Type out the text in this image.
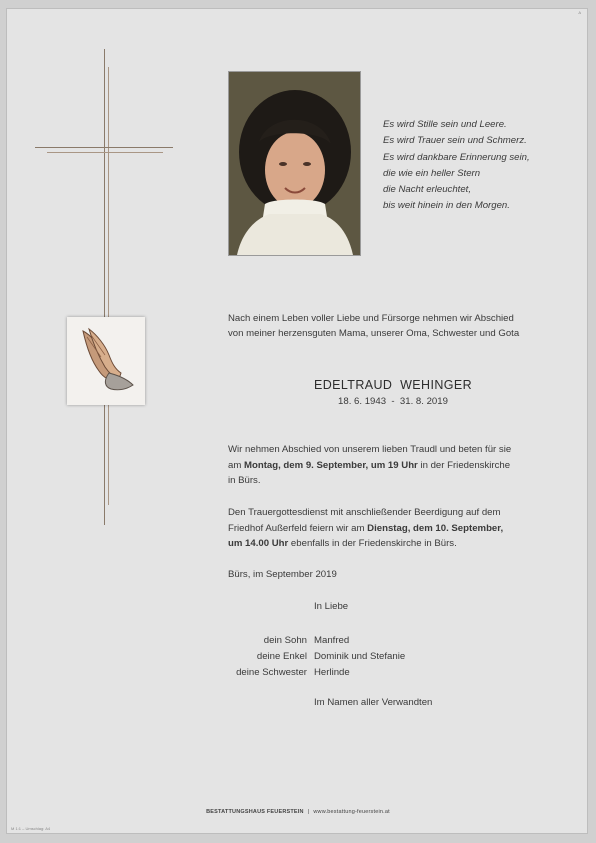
A
Es wird Stille sein und Leere.
Es wird Trauer sein und Schmerz.
Es wird dankbare Erinnerung sein,
die wie ein heller Stern
die Nacht erleuchtet,
bis weit hinein in den Morgen.
Nach einem Leben voller Liebe und Fürsorge nehmen wir Abschied
von meiner herzensguten Mama, unserer Oma, Schwester und Gota
EDELTRAUD  WEHINGER
18. 6. 1943  -  31. 8. 2019
Wir nehmen Abschied von unserem lieben Traudl und beten für sie
am Montag, dem 9. September, um 19 Uhr in der Friedenskirche
in Bürs.
Den Trauergottesdienst mit anschließender Beerdigung auf dem
Friedhof Außerfeld feiern wir am Dienstag, dem 10. September,
um 14.00 Uhr ebenfalls in der Friedenskirche in Bürs.
Bürs, im September 2019
In Liebe
dein Sohn Manfred
deine Enkel Dominik und Stefanie
deine Schwester Herlinde
Im Namen aller Verwandten
BESTATTUNGSHAUS FEUERSTEIN | www.bestattung-feuerstein.at
M 1:1 – Umschlag: A4
